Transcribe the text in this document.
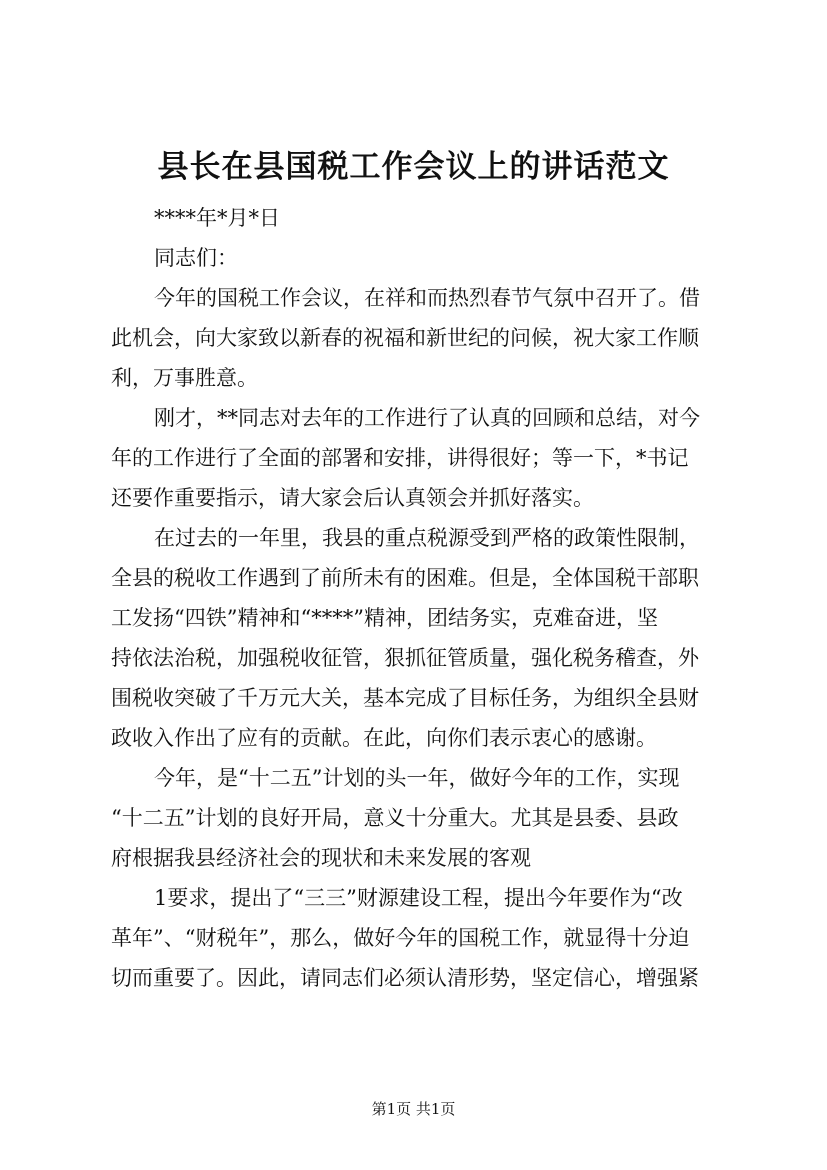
县长在县国税工作会议上的讲话范文
****年*月*日
同志们：
今年的国税工作会议，在祥和而热烈春节气氛中召开了。借
此机会，向大家致以新春的祝福和新世纪的问候，祝大家工作顺
利，万事胜意。
刚才，**同志对去年的工作进行了认真的回顾和总结，对今
年的工作进行了全面的部署和安排，讲得很好；等一下，*书记
还要作重要指示，请大家会后认真领会并抓好落实。
在过去的一年里，我县的重点税源受到严格的政策性限制，
全县的税收工作遇到了前所未有的困难。但是，全体国税干部职
工发扬“四铁”精神和“****”精神，团结务实，克难奋进，坚
持依法治税，加强税收征管，狠抓征管质量，强化税务稽查，外
围税收突破了千万元大关，基本完成了目标任务，为组织全县财
政收入作出了应有的贡献。在此，向你们表示衷心的感谢。
今年，是“十二五”计划的头一年，做好今年的工作，实现
“十二五”计划的良好开局，意义十分重大。尤其是县委、县政
府根据我县经济社会的现状和未来发展的客观
1要求，提出了“三三”财源建设工程，提出今年要作为“改
革年”、“财税年”，那么，做好今年的国税工作，就显得十分迫
切而重要了。因此，请同志们必须认清形势，坚定信心，增强紧
第1页 共1页
